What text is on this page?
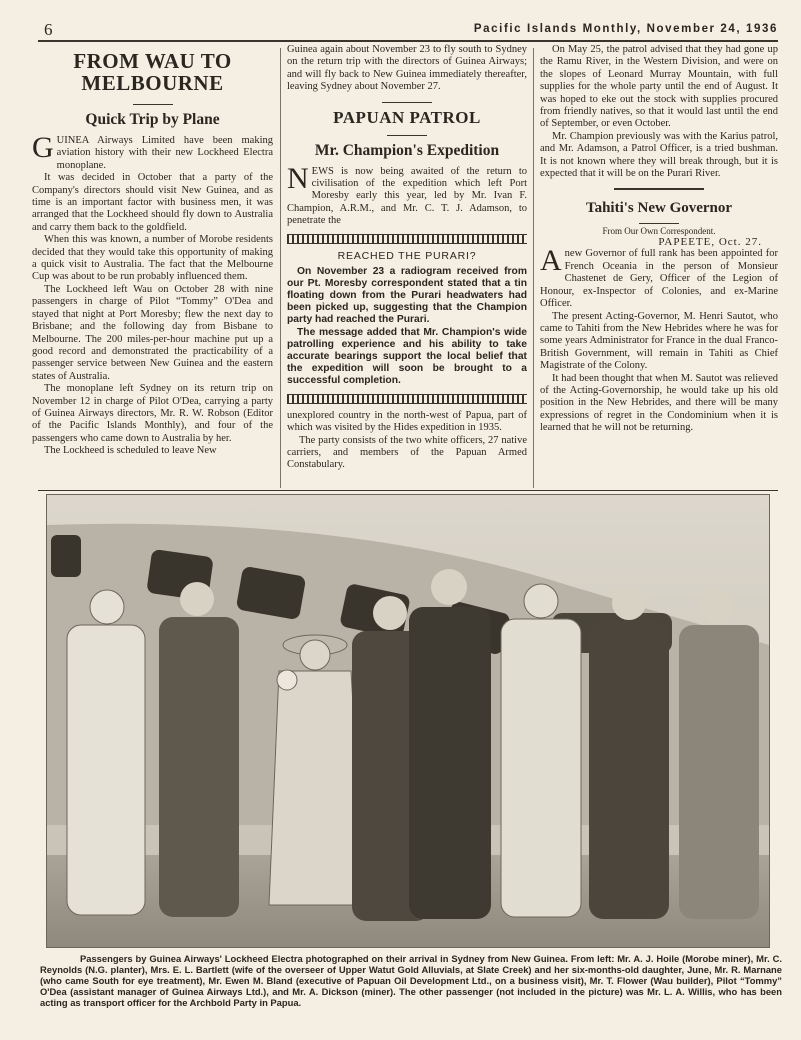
6	Pacific Islands Monthly, November 24, 1936
FROM WAU TO MELBOURNE
Quick Trip by Plane

GUINEA Airways Limited have been making aviation history with their new Lockheed Electra monoplane.

It was decided in October that a party of the Company's directors should visit New Guinea, and as time is an important factor with business men, it was arranged that the Lockheed should fly down to Australia and carry them back to the goldfield.

When this was known, a number of Morobe residents decided that they would take this opportunity of making a quick visit to Australia. The fact that the Melbourne Cup was about to be run probably influenced them.

The Lockheed left Wau on October 28 with nine passengers in charge of Pilot “Tommy” O'Dea and stayed that night at Port Moresby; flew the next day to Brisbane; and the following day from Bisbane to Melbourne. The 200 miles-per-hour machine put up a good record and demonstrated the practicability of a passenger service between New Guinea and the eastern states of Australia.

The monoplane left Sydney on its return trip on November 12 in charge of Pilot O'Dea, carrying a party of Guinea Airways directors, Mr. R. W. Robson (Editor of the Pacific Islands Monthly), and four of the passengers who came down to Australia by her.

The Lockheed is scheduled to leave New

Guinea again about November 23 to fly south to Sydney on the return trip with the directors of Guinea Airways; and will fly back to New Guinea immediately thereafter, leaving Sydney about November 27.

PAPUAN PATROL
Mr. Champion's Expedition

NEWS is now being awaited of the return to civilisation of the expedition which left Port Moresby early this year, led by Mr. Ivan F. Champion, A.R.M., and Mr. C. T. J. Adamson, to penetrate the

REACHED THE PURARI?

On November 23 a radiogram received from our Pt. Moresby correspondent stated that a tin floating down from the Purari headwaters had been picked up, suggesting that the Champion party had reached the Purari.

The message added that Mr. Champion's wide patrolling experience and his ability to take accurate bearings support the local belief that the expedition will soon be brought to a successful completion.

unexplored country in the north-west of Papua, part of which was visited by the Hides expedition in 1935.

The party consists of the two white officers, 27 native carriers, and members of the Papuan Armed Constabulary.

On May 25, the patrol advised that they had gone up the Ramu River, in the Western Division, and were on the slopes of Leonard Murray Mountain, with full supplies for the whole party until the end of August. It was hoped to eke out the stock with supplies procured from friendly natives, so that it would last until the end of September, or even October.

Mr. Champion previously was with the Karius patrol, and Mr. Adamson, a Patrol Officer, is a tried bushman. It is not known where they will break through, but it is expected that it will be on the Purari River.

Tahiti's New Governor
From Our Own Correspondent.
PAPEETE, Oct. 27.

Anew Governor of full rank has been appointed for French Oceania in the person of Monsieur Chastenet de Gery, Officer of the Legion of Honour, ex-Inspector of Colonies, and ex-Marine Officer.

The present Acting-Governor, M. Henri Sautot, who came to Tahiti from the New Hebrides where he was for some years Administrator for France in the dual Franco-British Government, will remain in Tahiti as Chief Magistrate of the Colony.

It had been thought that when M. Sautot was relieved of the Acting-Governorship, he would take up his old position in the New Hebrides, and there will be many expressions of regret in the Condominium when it is learned that he will not be returning.

Passengers by Guinea Airways' Lockheed Electra photographed on their arrival in Sydney from New Guinea. From left: Mr. A. J. Hoile (Morobe miner), Mr. C. Reynolds (N.G. planter), Mrs. E. L. Bartlett (wife of the overseer of Upper Watut Gold Alluvials, at Slate Creek) and her six-months-old daughter, June, Mr. R. Marnane (who came South for eye treatment), Mr. Ewen M. Bland (executive of Papuan Oil Development Ltd., on a business visit), Mr. T. Flower (Wau builder), Pilot “Tommy” O'Dea (assistant manager of Guinea Airways Ltd.), and Mr. A. Dickson (miner). The other passenger (not included in the picture) was Mr. L. A. Willis, who has been acting as transport officer for the Archbold Party in Papua.
